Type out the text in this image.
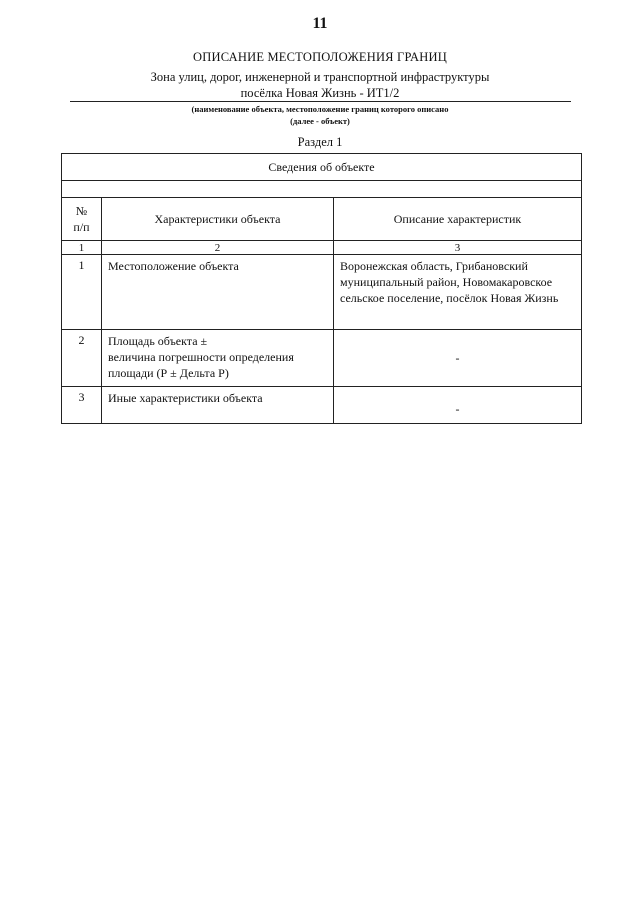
11
ОПИСАНИЕ МЕСТОПОЛОЖЕНИЯ ГРАНИЦ
Зона улиц, дорог, инженерной и транспортной инфраструктуры
посёлка Новая Жизнь - ИТ1/2
(наименование объекта, местоположение границ которого описано
(далее - объект)
Раздел 1
Сведения об объекте		

№
п/п	Характеристики объекта	Описание характеристик
1	2	3
1	Местоположение объекта	Воронежская область, Грибановский муниципальный район, Новомакаровское сельское поселение, посёлок Новая Жизнь
2	Площадь объекта ±
величина погрешности определения площади (Р ± Дельта Р)	-
3	Иные характеристики объекта	-
